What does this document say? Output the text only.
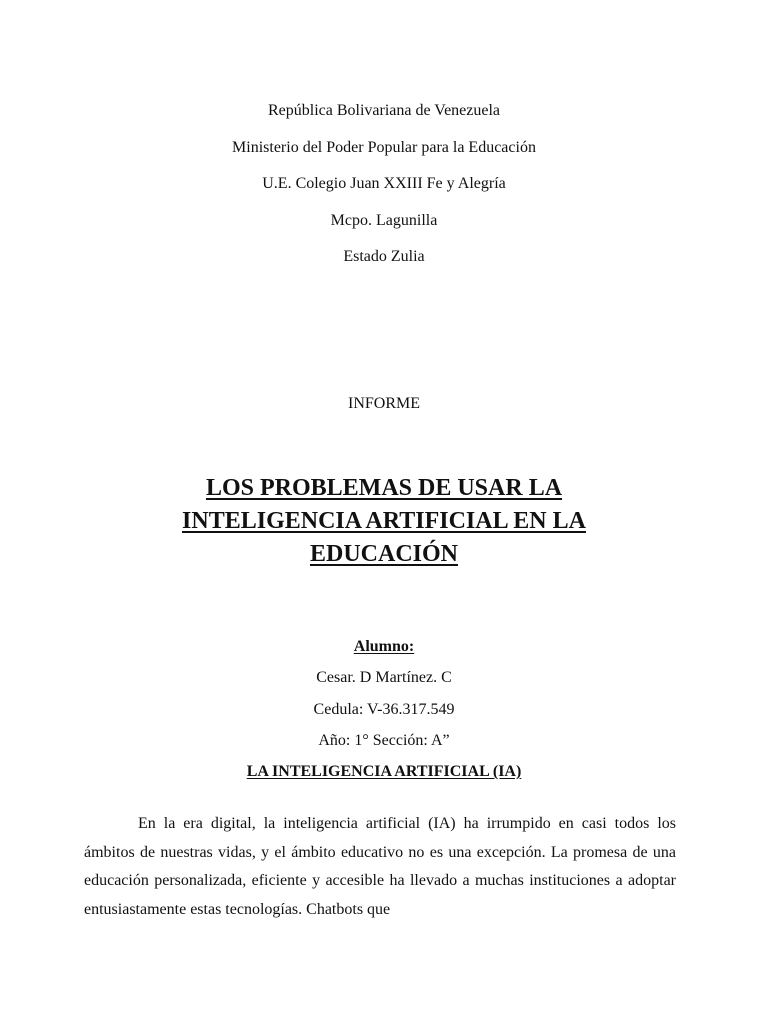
República Bolivariana de Venezuela
Ministerio del Poder Popular para la Educación
U.E. Colegio Juan XXIII Fe y Alegría
Mcpo. Lagunilla
Estado Zulia
INFORME
LOS PROBLEMAS DE USAR LA
INTELIGENCIA ARTIFICIAL EN LA
EDUCACIÓN
Alumno:
Cesar. D Martínez. C
Cedula: V-36.317.549
Año: 1° Sección: A”
LA INTELIGENCIA ARTIFICIAL (IA)

En la era digital, la inteligencia artificial (IA) ha irrumpido en casi todos los ámbitos de nuestras vidas, y el ámbito educativo no es una excepción. La promesa de una educación personalizada, eficiente y accesible ha llevado a muchas instituciones a adoptar entusiastamente estas tecnologías. Chatbots que
